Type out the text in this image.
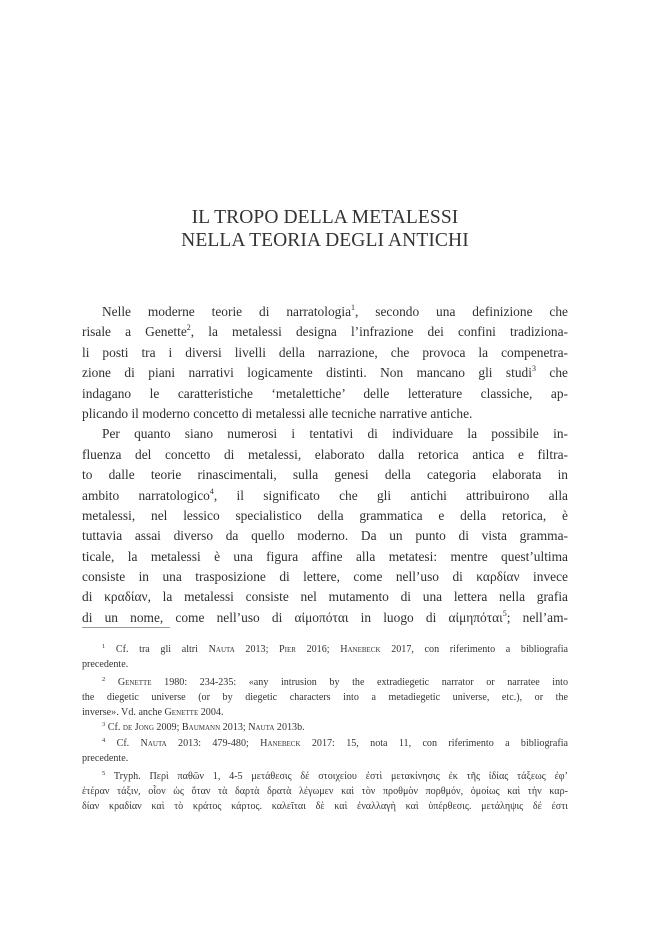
IL TROPO DELLA METALESSI
NELLA TEORIA DEGLI ANTICHI
Nelle moderne teorie di narratologia$^1$, secondo una definizione che
risale a Genette$^2$, la metalessi designa l’infrazione dei confini tradiziona-
li posti tra i diversi livelli della narrazione, che provoca la compenetra-
zione di piani narrativi logicamente distinti. Non mancano gli studi$^3$ che
indagano le caratteristiche ‘metalettiche’ delle letterature classiche, ap-
plicando il moderno concetto di metalessi alle tecniche narrative antiche.
Per quanto siano numerosi i tentativi di individuare la possibile in-
fluenza del concetto di metalessi, elaborato dalla retorica antica e filtra-
to dalle teorie rinascimentali, sulla genesi della categoria elaborata in
ambito narratologico$^4$, il significato che gli antichi attribuirono alla
metalessi, nel lessico specialistico della grammatica e della retorica, è
tuttavia assai diverso da quello moderno. Da un punto di vista gramma-
ticale, la metalessi è una figura affine alla metatesi: mentre quest’ultima
consiste in una trasposizione di lettere, come nell’uso di καρδίαν invece
di κραδίαν, la metalessi consiste nel mutamento di una lettera nella grafia
di un nome, come nell’uso di αἰμοπόται in luogo di αἰμηπόται$^5$; nell’am-
$^1$ Cf. tra gli altri Nauta 2013; Pier 2016; Hanebeck 2017, con riferimento a bibliografia
precedente.
$^2$ Genette 1980: 234-235: «any intrusion by the extradiegetic narrator or narratee into
the diegetic universe (or by diegetic characters into a metadiegetic universe, etc.), or the
inverse». Vd. anche Genette 2004.
$^3$ Cf. de Jong 2009; Baumann 2013; Nauta 2013b.
$^4$ Cf. Nauta 2013: 479-480; Hanebeck 2017: 15, nota 11, con riferimento a bibliografia
precedente.
$^5$ Tryph. Περὶ παθῶν 1, 4-5 μετάθεσις δέ στοιχείου ἐστὶ μετακίνησις ἐκ τῆς ἰδίας τάξεως ἐφ’
ἑτέραν τάξιν, οἷον ὡς ὅταν τὰ δαρτὰ δρατὰ λέγωμεν καὶ τὸν προθμὸν πορθμόν, ὁμοίως καὶ τὴν καρ-
δίαν κραδίαν καὶ τὸ κράτος κάρτος. καλεῖται δὲ καὶ ἐναλλαγὴ καὶ ὑπέρθεσις. μετάληψις δέ ἐστι
